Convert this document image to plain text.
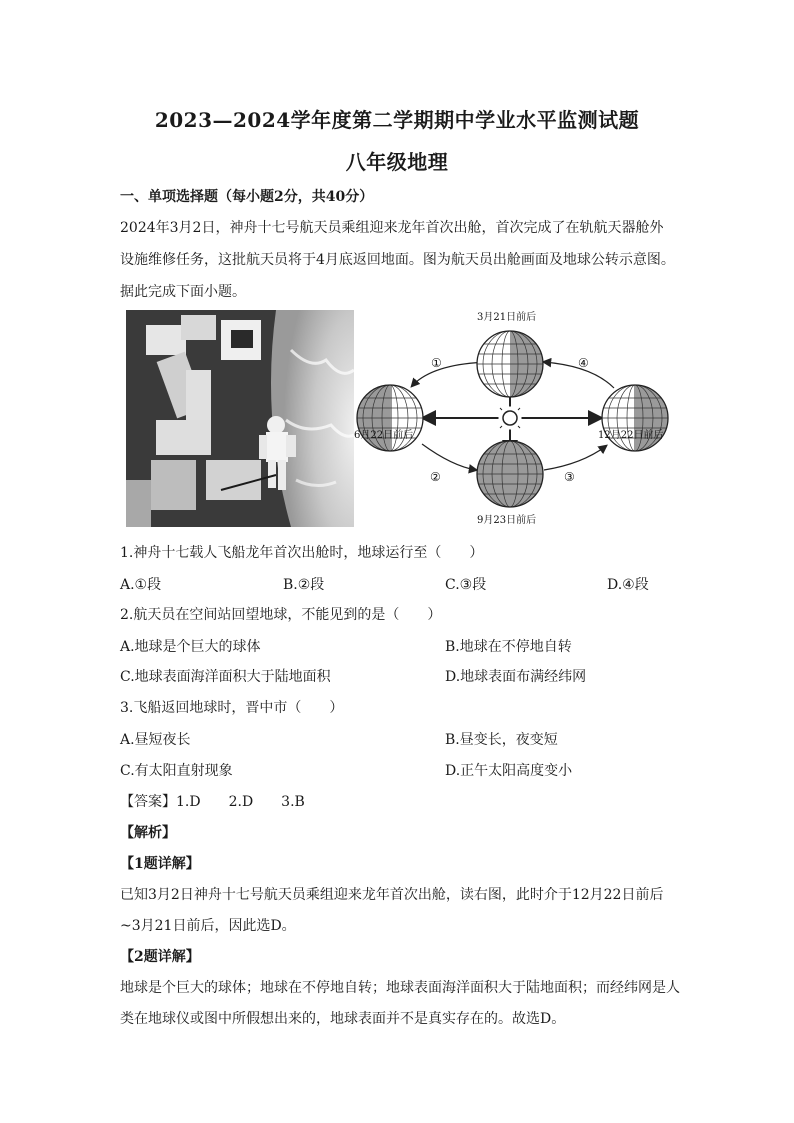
2023—2024学年度第二学期期中学业水平监测试题
八年级地理
一、单项选择题（每小题2分，共40分）
2024年3月2日，神舟十七号航天员乘组迎来龙年首次出舱，首次完成了在轨航天器舱外
设施维修任务，这批航天员将于4月底返回地面。图为航天员出舱画面及地球公转示意图。
据此完成下面小题。
3月21日前后
6月22日前后	12月22日前后
9月23日前后
①
②	③
④
1.神舟十七载人飞船龙年首次出舱时，地球运行至（　　）
A.①段	B.②段	C.③段	D.④段
2.航天员在空间站回望地球，不能见到的是（　　）
A.地球是个巨大的球体	B.地球在不停地自转
C.地球表面海洋面积大于陆地面积	D.地球表面布满经纬网
3.飞船返回地球时，晋中市（　　）
A.昼短夜长	B.昼变长，夜变短
C.有太阳直射现象	D.正午太阳高度变小
【答案】1.D　　2.D　　3.B
【解析】
【1题详解】
已知3月2日神舟十七号航天员乘组迎来龙年首次出舱，读右图，此时介于12月22日前后
~3月21日前后，因此选D。
【2题详解】
地球是个巨大的球体；地球在不停地自转；地球表面海洋面积大于陆地面积；而经纬网是人
类在地球仪或图中所假想出来的，地球表面并不是真实存在的。故选D。
